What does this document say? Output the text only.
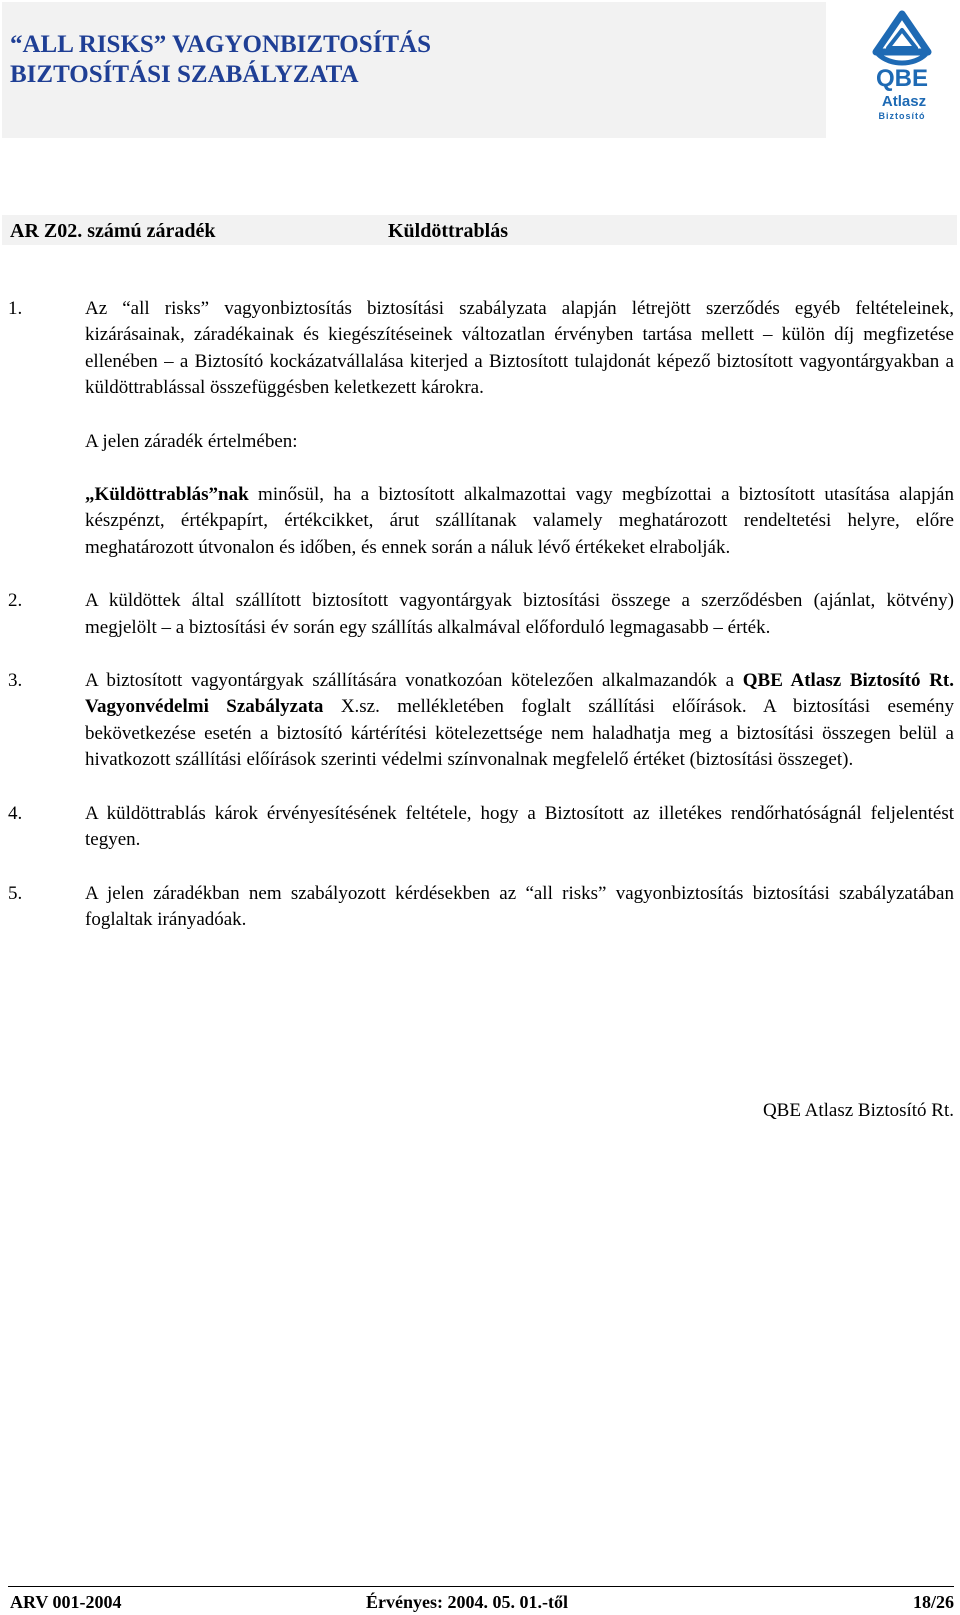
“ALL RISKS” VAGYONBIZTOSÍTÁS
BIZTOSÍTÁSI SZABÁLYZATA	QBE
Atlasz
Biztosító
AR Z02. számú záradék	Küldöttrablás
1.	Az “all risks” vagyonbiztosítás biztosítási szabályzata alapján létrejött szerződés egyéb feltételeinek, kizárásainak, záradékainak és kiegészítéseinek változatlan érvényben tartása mellett – külön díj megfizetése ellenében – a Biztosító kockázatvállalása kiterjed a Biztosított tulajdonát képező biztosított vagyontárgyakban a küldöttrablással összefüggésben keletkezett károkra.

A jelen záradék értelmében:

„Küldöttrablás”nak minősül, ha a biztosított alkalmazottai vagy megbízottai a biztosított utasítása alapján készpénzt, értékpapírt, értékcikket, árut szállítanak valamely meghatározott rendeltetési helyre, előre meghatározott útvonalon és időben, és ennek során a náluk lévő értékeket elrabolják.

2.	A küldöttek által szállított biztosított vagyontárgyak biztosítási összege a szerződésben (ajánlat, kötvény) megjelölt – a biztosítási év során egy szállítás alkalmával előforduló legmagasabb – érték.

3.	A biztosított vagyontárgyak szállítására vonatkozóan kötelezően alkalmazandók a QBE Atlasz Biztosító Rt. Vagyonvédelmi Szabályzata X.sz. mellékletében foglalt szállítási előírások. A biztosítási esemény bekövetkezése esetén a biztosító kártérítési kötelezettsége nem haladhatja meg a biztosítási összegen belül a hivatkozott szállítási előírások szerinti védelmi színvonalnak megfelelő értéket (biztosítási összeget).

4.	A küldöttrablás károk érvényesítésének feltétele, hogy a Biztosított az illetékes rendőrhatóságnál feljelentést tegyen.

5.	A jelen záradékban nem szabályozott kérdésekben az “all risks” vagyonbiztosítás biztosítási szabályzatában foglaltak irányadóak.

QBE Atlasz Biztosító Rt.
ARV 001-2004	Érvényes: 2004. 05. 01.-től	18/26
